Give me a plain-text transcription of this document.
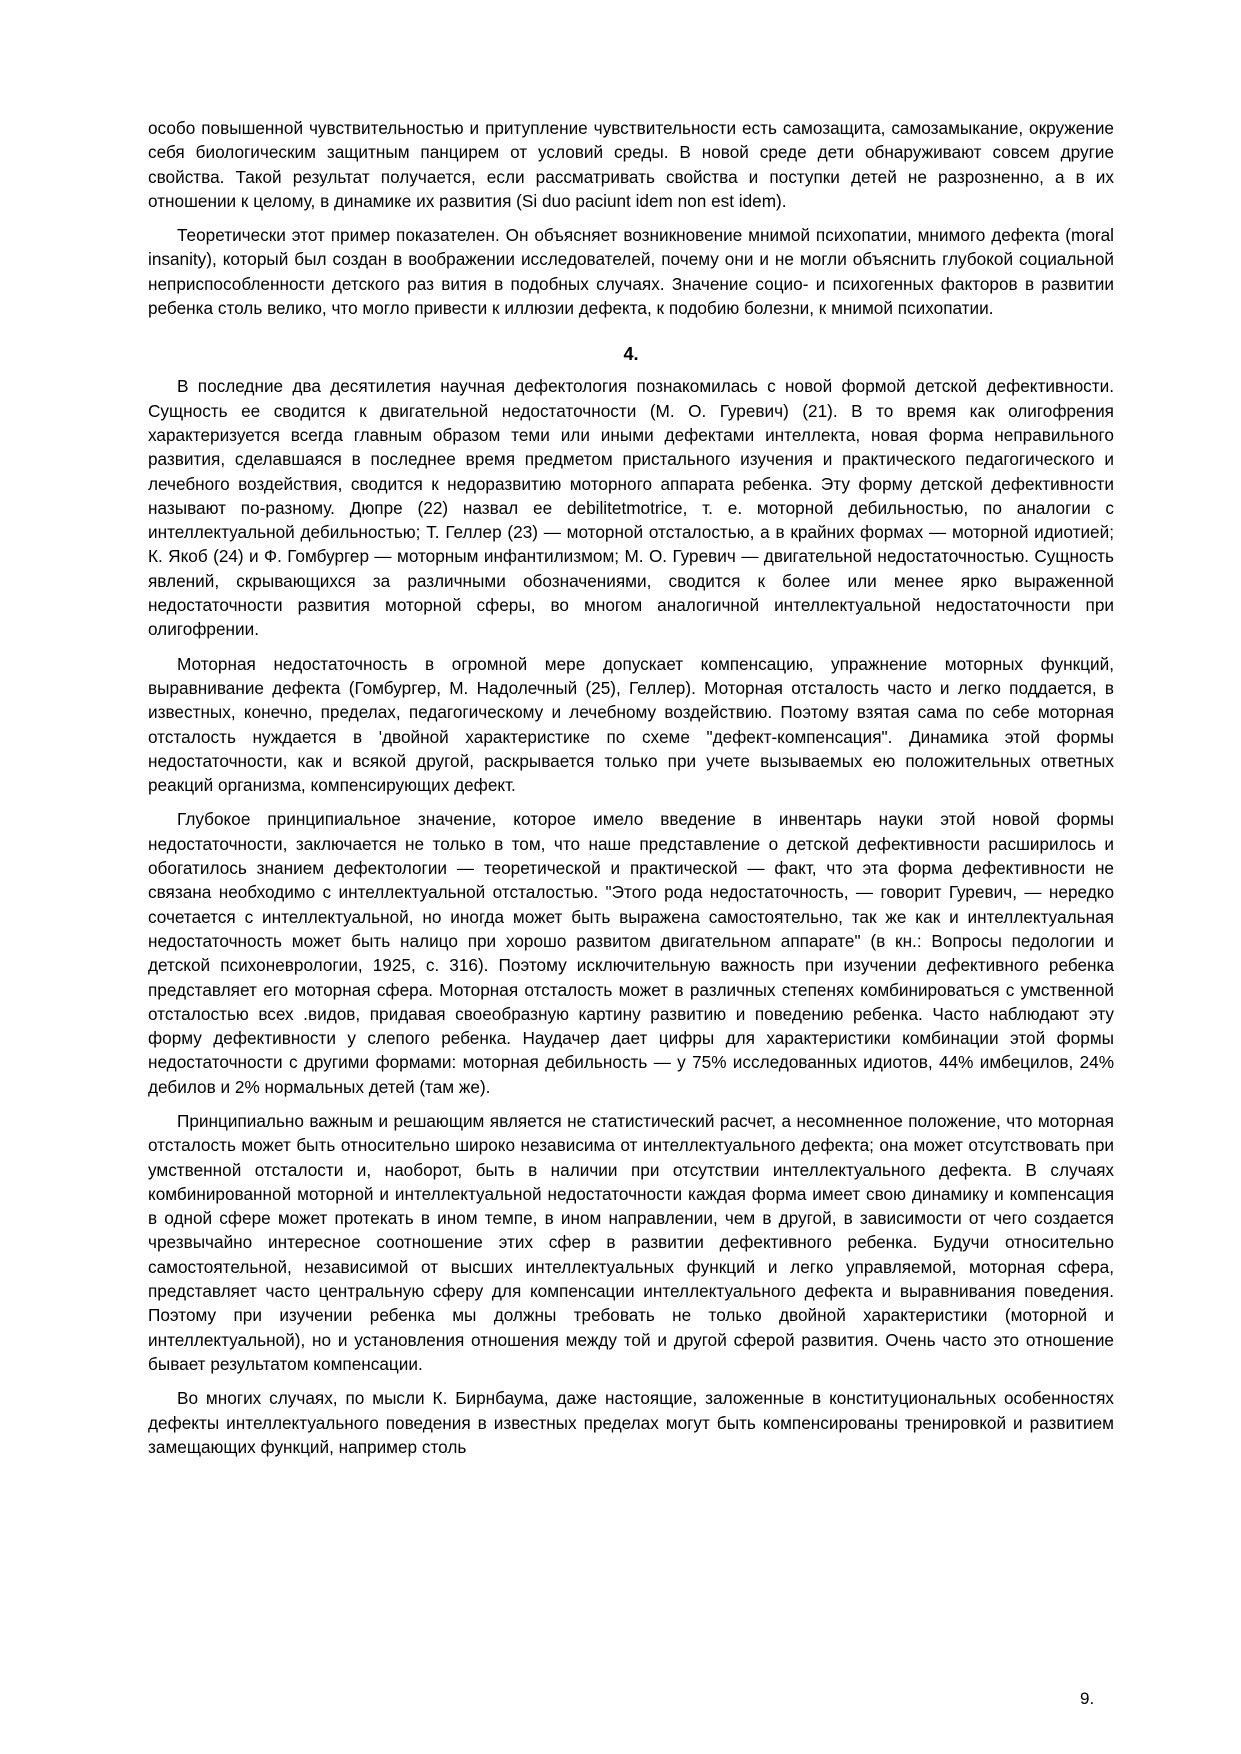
особо повышенной чувствительностью и притупление чувствительности есть самозащита, самозамыкание, окружение себя биологическим защитным панцирем от условий среды. В новой среде дети обнаруживают совсем другие свойства. Такой результат получается, если рассматривать свойства и поступки детей не разрозненно, а в их отношении к целому, в динамике их развития (Si duo paciunt idem non est idem).

Теоретически этот пример показателен. Он объясняет возникновение мнимой психопатии, мнимого дефекта (moral insanity), который был создан в воображении исследователей, почему они и не могли объяснить глубокой социальной неприспособленности детского раз вития в подобных случаях. Значение социо- и психогенных факторов в развитии ребенка столь велико, что могло привести к иллюзии дефекта, к подобию болезни, к мнимой психопатии.

4.

В последние два десятилетия научная дефектология познакомилась с новой формой детской дефективности. Сущность ее сводится к двигательной недостаточности (М. О. Гуревич) (21). В то время как олигофрения характеризуется всегда главным образом теми или иными дефектами интеллекта, новая форма неправильного развития, сделавшаяся в последнее время предметом пристального изучения и практического педагогического и лечебного воздействия, сводится к недоразвитию моторного аппарата ребенка. Эту форму детской дефективности называют по-разному. Дюпре (22) назвал ее debilitetmotrice, т. е. моторной дебильностью, по аналогии с интеллектуальной дебильностью; Т. Геллер (23) — моторной отсталостью, а в крайних формах — моторной идиотией; К. Якоб (24) и Ф. Гомбургер — моторным инфантилизмом; М. О. Гуревич — двигательной недостаточностью. Сущность явлений, скрывающихся за различными обозначениями, сводится к более или менее ярко выраженной недостаточности развития моторной сферы, во многом аналогичной интеллектуальной недостаточности при олигофрении.

Моторная недостаточность в огромной мере допускает компенсацию, упражнение моторных функций, выравнивание дефекта (Гомбургер, М. Надолечный (25), Геллер). Моторная отсталость часто и легко поддается, в известных, конечно, пределах, педагогическому и лечебному воздействию. Поэтому взятая сама по себе моторная отсталость нуждается в 'двойной характеристике по схеме "дефект-компенсация". Динамика этой формы недостаточности, как и всякой другой, раскрывается только при учете вызываемых ею положительных ответных реакций организма, компенсирующих дефект.

Глубокое принципиальное значение, которое имело введение в инвентарь науки этой новой формы недостаточности, заключается не только в том, что наше представление о детской дефективности расширилось и обогатилось знанием дефектологии — теоретической и практической — факт, что эта форма дефективности не связана необходимо с интеллектуальной отсталостью. "Этого рода недостаточность, — говорит Гуревич, — нередко сочетается с интеллектуальной, но иногда может быть выражена самостоятельно, так же как и интеллектуальная недостаточность может быть налицо при хорошо развитом двигательном аппарате" (в кн.: Вопросы педологии и детской психоневрологии, 1925, с. 316). Поэтому исключительную важность при изучении дефективного ребенка представляет его моторная сфера. Моторная отсталость может в различных степенях комбинироваться с умственной отсталостью всех .видов, придавая своеобразную картину развитию и поведению ребенка. Часто наблюдают эту форму дефективности у слепого ребенка. Наудачер дает цифры для характеристики комбинации этой формы недостаточности с другими формами: моторная дебильность — у 75% исследованных идиотов, 44% имбецилов, 24% дебилов и 2% нормальных детей (там же).

Принципиально важным и решающим является не статистический расчет, а несомненное положение, что моторная отсталость может быть относительно широко независима от интеллектуального дефекта; она может отсутствовать при умственной отсталости и, наоборот, быть в наличии при отсутствии интеллектуального дефекта. В случаях комбинированной моторной и интеллектуальной недостаточности каждая форма имеет свою динамику и компенсация в одной сфере может протекать в ином темпе, в ином направлении, чем в другой, в зависимости от чего создается чрезвычайно интересное соотношение этих сфер в развитии дефективного ребенка. Будучи относительно самостоятельной, независимой от высших интеллектуальных функций и легко управляемой, моторная сфера, представляет часто центральную сферу для компенсации интеллектуального дефекта и выравнивания поведения. Поэтому при изучении ребенка мы должны требовать не только двойной характеристики (моторной и интеллектуальной), но и установления отношения между той и другой сферой развития. Очень часто это отношение бывает результатом компенсации.

Во многих случаях, по мысли К. Бирнбаума, даже настоящие, заложенные в конституциональных особенностях дефекты интеллектуального поведения в известных пределах могут быть компенсированы тренировкой и развитием замещающих функций, например столь

9.
